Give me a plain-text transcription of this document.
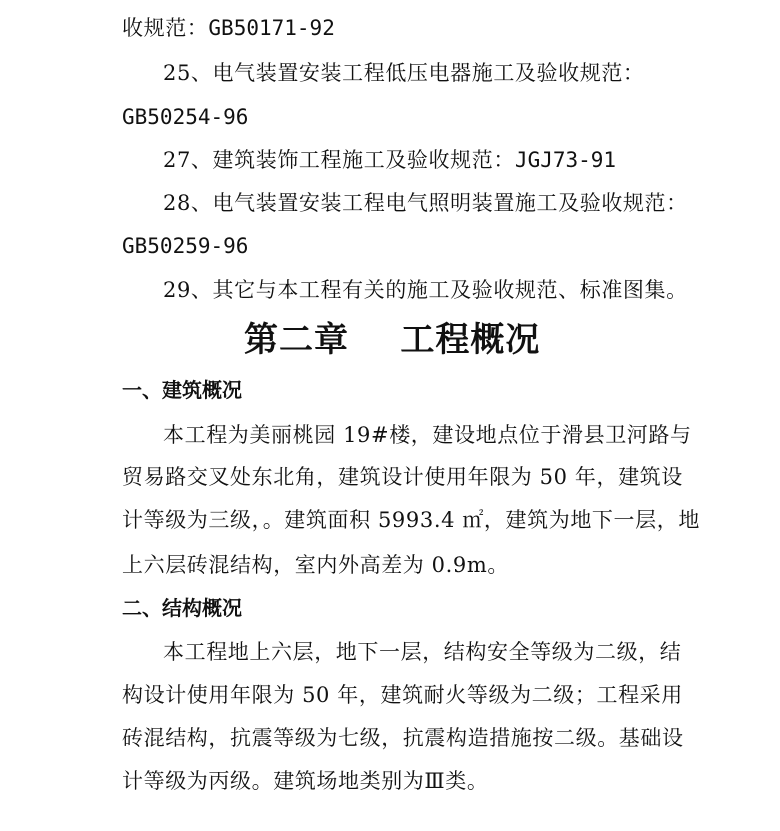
收规范：GB50171-92
25、电气装置安装工程低压电器施工及验收规范：
GB50254-96
27、建筑装饰工程施工及验收规范：JGJ73-91
28、电气装置安装工程电气照明装置施工及验收规范：
GB50259-96
29、其它与本工程有关的施工及验收规范、标准图集。
第二章    工程概况
一、建筑概况
本工程为美丽桃园 19#楼，建设地点位于滑县卫河路与
贸易路交叉处东北角，建筑设计使用年限为 50 年，建筑设
计等级为三级，。建筑面积 5993.4 ㎡，建筑为地下一层，地
上六层砖混结构，室内外高差为 0.9m。
二、结构概况
本工程地上六层，地下一层，结构安全等级为二级，结
构设计使用年限为 50 年，建筑耐火等级为二级；工程采用
砖混结构，抗震等级为七级，抗震构造措施按二级。基础设
计等级为丙级。建筑场地类别为Ⅲ类。
